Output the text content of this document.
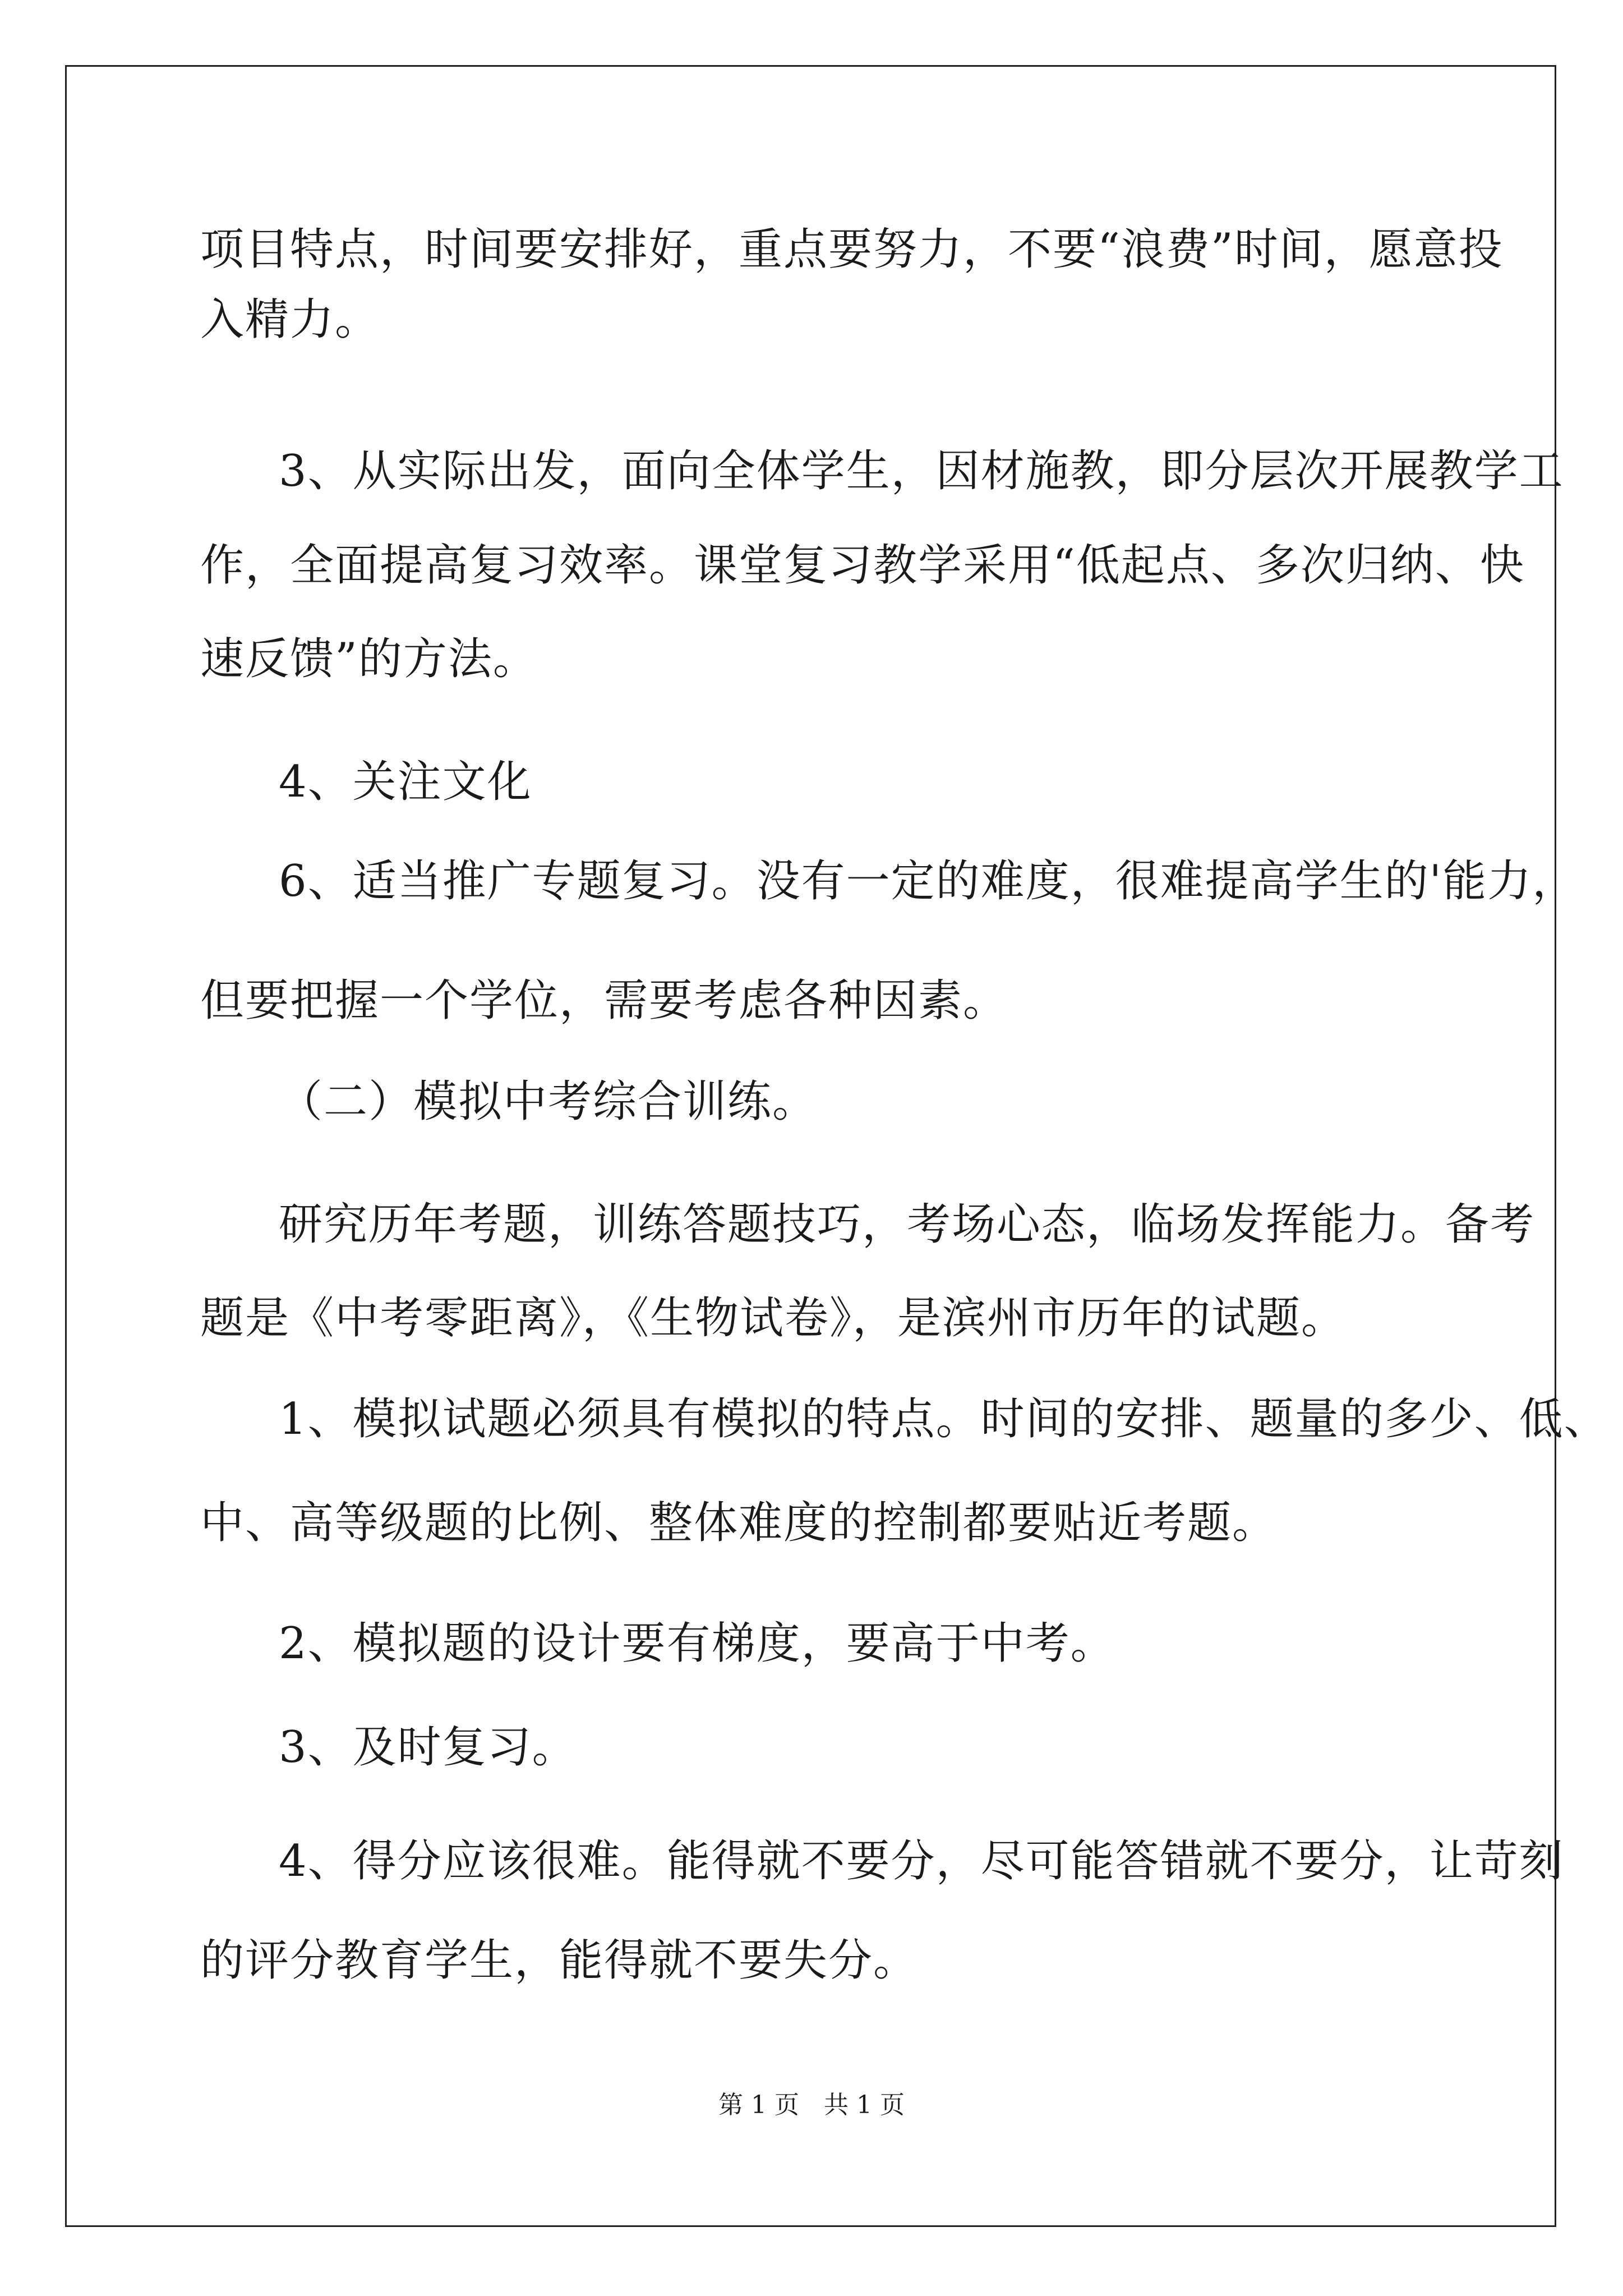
项目特点，时间要安排好，重点要努力，不要“浪费”时间，愿意投
入精力。
3、从实际出发，面向全体学生，因材施教，即分层次开展教学工
作，全面提高复习效率。课堂复习教学采用“低起点、多次归纳、快
速反馈”的方法。
4、关注文化
6、适当推广专题复习。没有一定的难度，很难提高学生的'能力，
但要把握一个学位，需要考虑各种因素。
（二）模拟中考综合训练。
研究历年考题，训练答题技巧，考场心态，临场发挥能力。备考
题是《中考零距离》，《生物试卷》，是滨州市历年的试题。
1、模拟试题必须具有模拟的特点。时间的安排、题量的多少、低、
中、高等级题的比例、整体难度的控制都要贴近考题。
2、模拟题的设计要有梯度，要高于中考。
3、及时复习。
4、得分应该很难。能得就不要分，尽可能答错就不要分，让苛刻
的评分教育学生，能得就不要失分。
第 1 页　共 1 页
